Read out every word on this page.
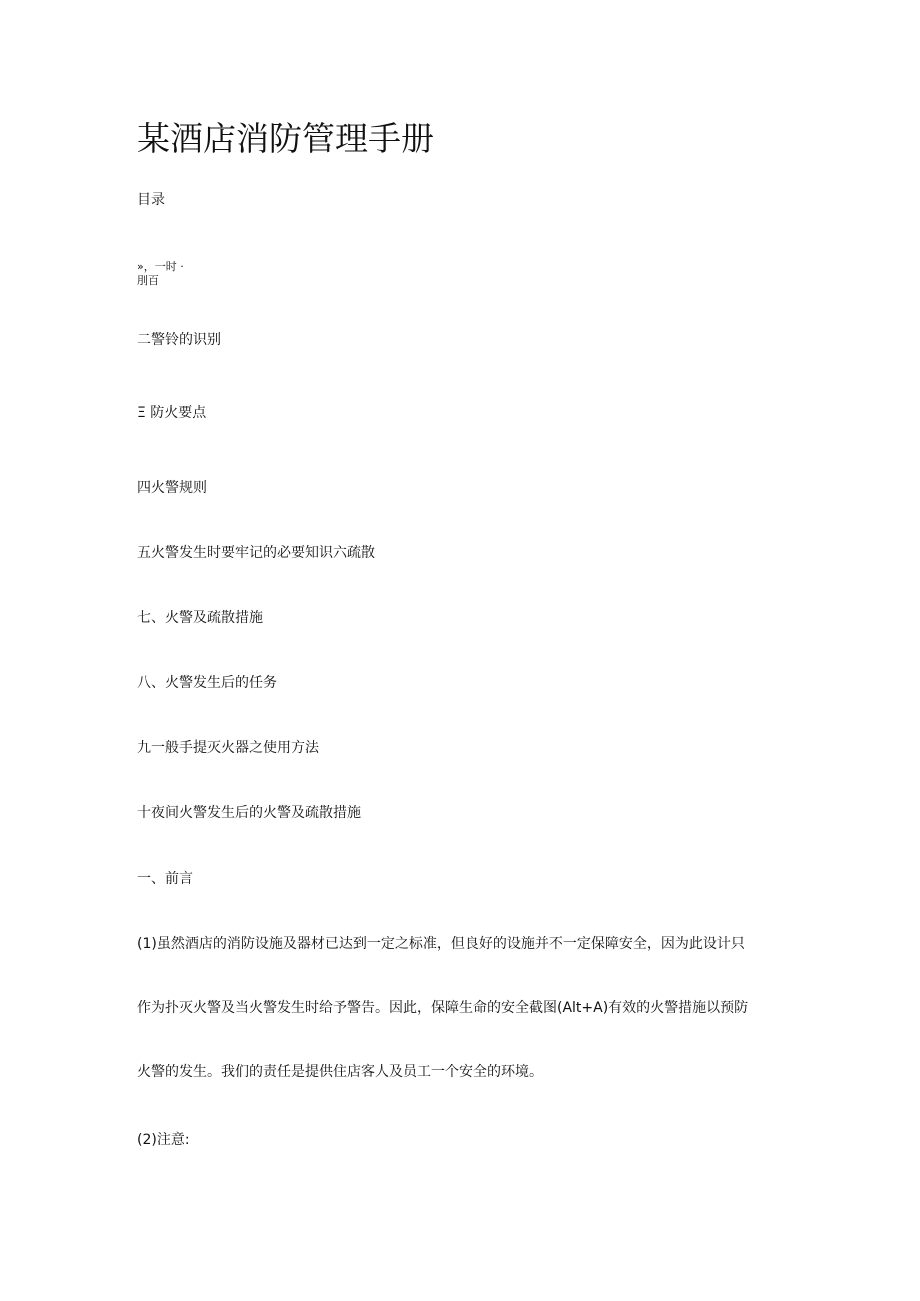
某酒店消防管理手册
目录
»，一时 ·
刖百
二警铃的识别
Ξ 防火要点
四火警规则
五火警发生时要牢记的必要知识六疏散
七、火警及疏散措施
八、火警发生后的任务
九一般手提灭火器之使用方法
十夜间火警发生后的火警及疏散措施
一、前言
(1)虽然酒店的消防设施及器材已达到一定之标准，但良好的设施并不一定保障安全，因为此设计只
作为扑灭火警及当火警发生时给予警告。因此，保障生命的安全截图(Alt+A)有效的火警措施以预防
火警的发生。我们的责任是提供住店客人及员工一个安全的环境。
(2)注意:
